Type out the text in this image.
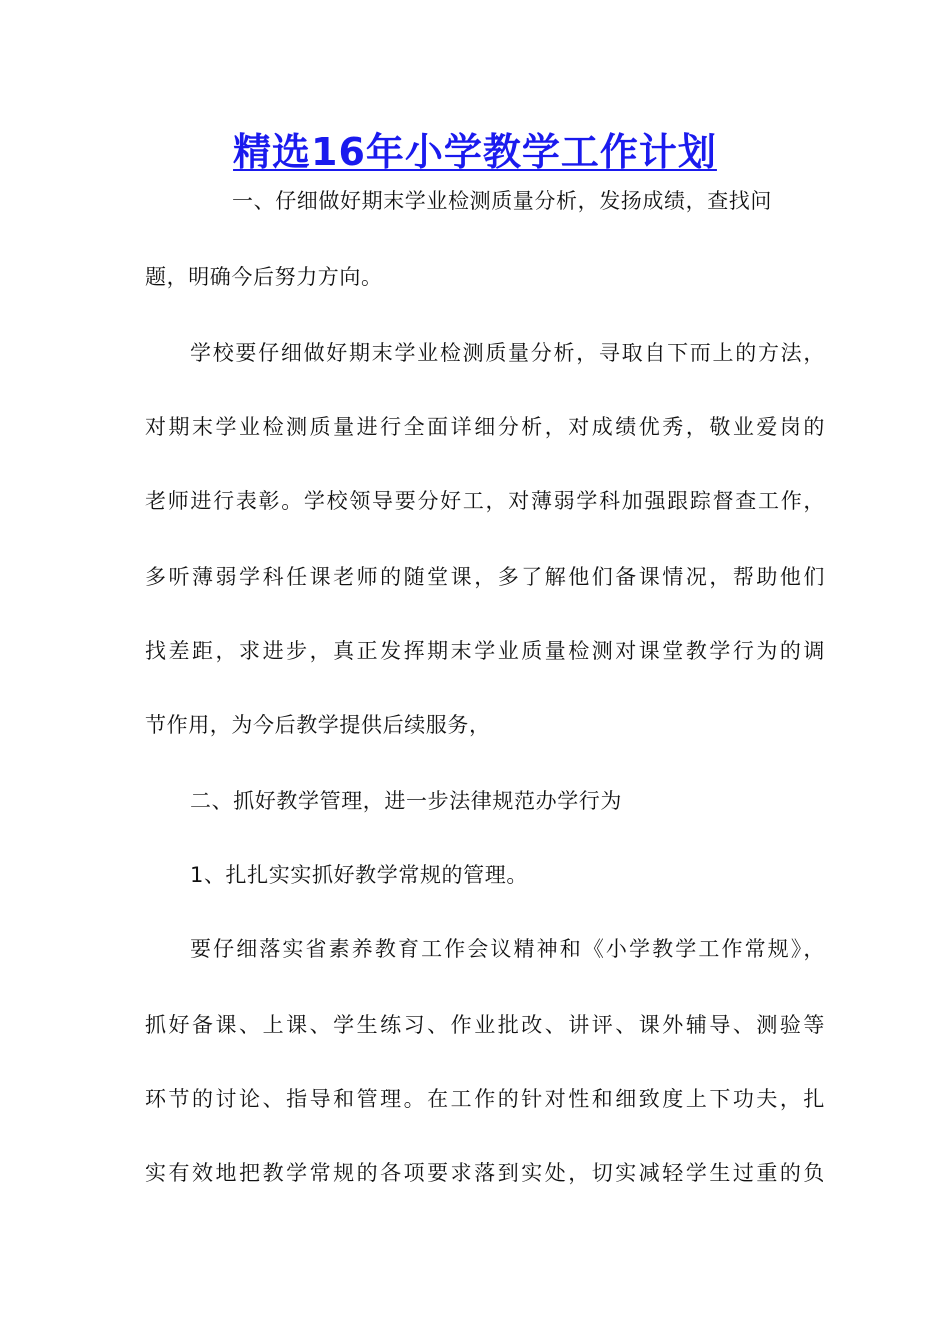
精选16年小学教学工作计划
一、仔细做好期末学业检测质量分析，发扬成绩，查找问
题，明确今后努力方向。
学校要仔细做好期末学业检测质量分析，寻取自下而上的方法，
对期末学业检测质量进行全面详细分析，对成绩优秀，敬业爱岗的
老师进行表彰。学校领导要分好工，对薄弱学科加强跟踪督查工作，
多听薄弱学科任课老师的随堂课，多了解他们备课情况，帮助他们
找差距，求进步，真正发挥期末学业质量检测对课堂教学行为的调
节作用，为今后教学提供后续服务，
二、抓好教学管理，进一步法律规范办学行为
1、扎扎实实抓好教学常规的管理。
要仔细落实省素养教育工作会议精神和《小学教学工作常规》，
抓好备课、上课、学生练习、作业批改、讲评、课外辅导、测验等
环节的讨论、指导和管理。在工作的针对性和细致度上下功夫，扎
实有效地把教学常规的各项要求落到实处，切实减轻学生过重的负
